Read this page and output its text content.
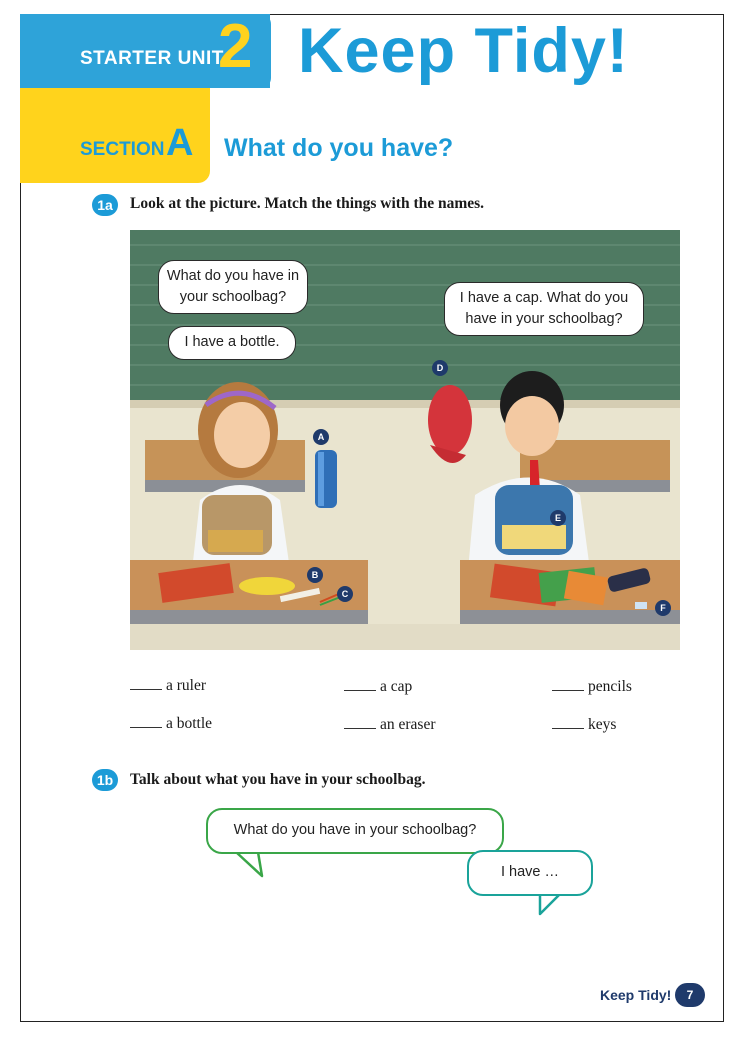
STARTER UNIT
2 Keep Tidy!
SECTION A What do you have?
1a	Look at the picture. Match the things with the names.
What do you have in your schoolbag?
I have a bottle.
I have a cap. What do you have in your schoolbag?
A
B
C
D
E
F
a ruler	a cap	pencils
a bottle	an eraser	keys
1b	Talk about what you have in your schoolbag.
What do you have in your schoolbag?
I have …
Keep Tidy!	7
